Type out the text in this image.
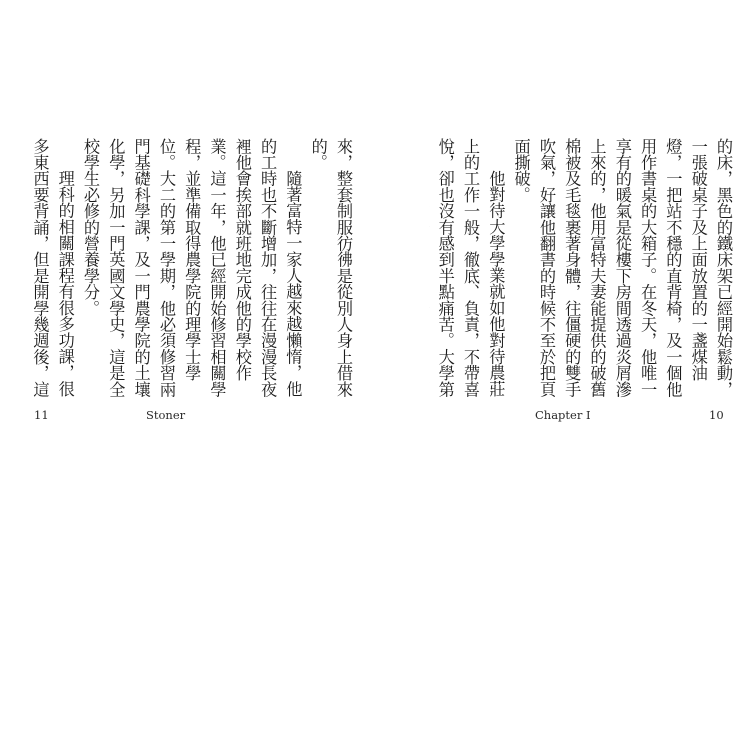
來，整套制服彷彿是從別人身上借來的。

隨著富特一家人越來越懶惰，他的工時也不斷增加，往往在漫漫長夜裡他會挨部就班地完成他的學校作業。這一年，他已經開始修習相關學程，並準備取得農學院的理學士學位。大二的第一學期，他必須修習兩門基礎科學課，及一門農學院的土壤化學，另加一門英國文學史，這是全校學生必修的營養學分。

理科的相關課程有很多功課，很多東西要背誦，但是開學幾週後，這

11	Stoner

的床，黑色的鐵床架已經開始鬆動，一張破桌子及上面放置的一盞煤油燈，一把站不穩的直背椅，及一個他用作書桌的大箱子。在冬天，他唯一享有的暖氣是從樓下房間透過炎屑滲上來的，他用富特夫妻能提供的破舊棉被及毛毯裹著身體，往僵硬的雙手吹氣，好讓他翻書的時候不至於把頁面撕破。

他對待大學學業就如他對待農莊上的工作一般，徹底、負責，不帶喜悅，卻也沒有感到半點痛苦。大學第

Chapter I	10
